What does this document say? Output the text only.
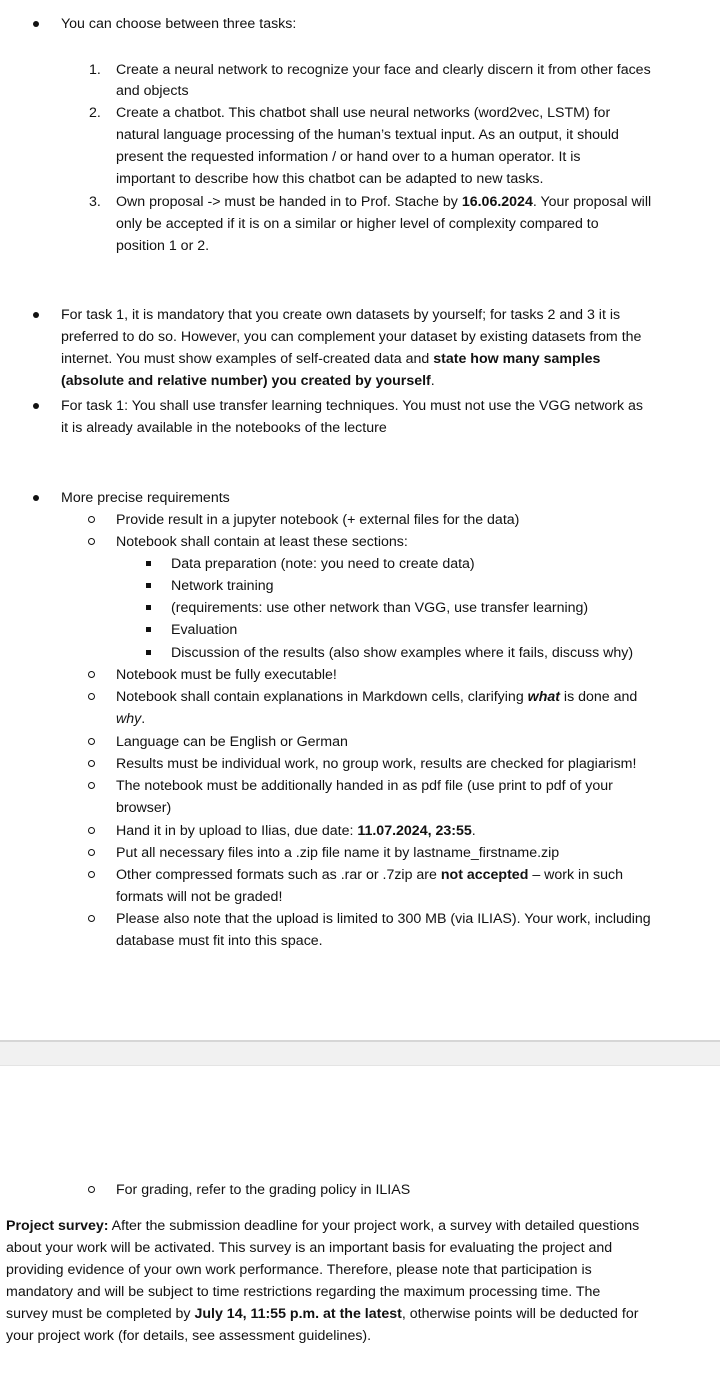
You can choose between three tasks:
1. Create a neural network to recognize your face and clearly discern it from other faces
and objects
2. Create a chatbot. This chatbot shall use neural networks (word2vec, LSTM) for
natural language processing of the human’s textual input. As an output, it should
present the requested information / or hand over to a human operator. It is
important to describe how this chatbot can be adapted to new tasks.
3. Own proposal -> must be handed in to Prof. Stache by 16.06.2024. Your proposal will
only be accepted if it is on a similar or higher level of complexity compared to
position 1 or 2.
For task 1, it is mandatory that you create own datasets by yourself; for tasks 2 and 3 it is
preferred to do so. However, you can complement your dataset by existing datasets from the
internet. You must show examples of self-created data and state how many samples
(absolute and relative number) you created by yourself.
For task 1: You shall use transfer learning techniques. You must not use the VGG network as
it is already available in the notebooks of the lecture
More precise requirements
Provide result in a jupyter notebook (+ external files for the data)
Notebook shall contain at least these sections:
Data preparation (note: you need to create data)
Network training
(requirements: use other network than VGG, use transfer learning)
Evaluation
Discussion of the results (also show examples where it fails, discuss why)
Notebook must be fully executable!
Notebook shall contain explanations in Markdown cells, clarifying what is done and
why.
Language can be English or German
Results must be individual work, no group work, results are checked for plagiarism!
The notebook must be additionally handed in as pdf file (use print to pdf of your
browser)
Hand it in by upload to Ilias, due date: 11.07.2024, 23:55.
Put all necessary files into a .zip file name it by lastname_firstname.zip
Other compressed formats such as .rar or .7zip are not accepted – work in such
formats will not be graded!
Please also note that the upload is limited to 300 MB (via ILIAS). Your work, including
database must fit into this space.
For grading, refer to the grading policy in ILIAS
Project survey: After the submission deadline for your project work, a survey with detailed questions
about your work will be activated. This survey is an important basis for evaluating the project and
providing evidence of your own work performance. Therefore, please note that participation is
mandatory and will be subject to time restrictions regarding the maximum processing time. The
survey must be completed by July 14, 11:55 p.m. at the latest, otherwise points will be deducted for
your project work (for details, see assessment guidelines).
